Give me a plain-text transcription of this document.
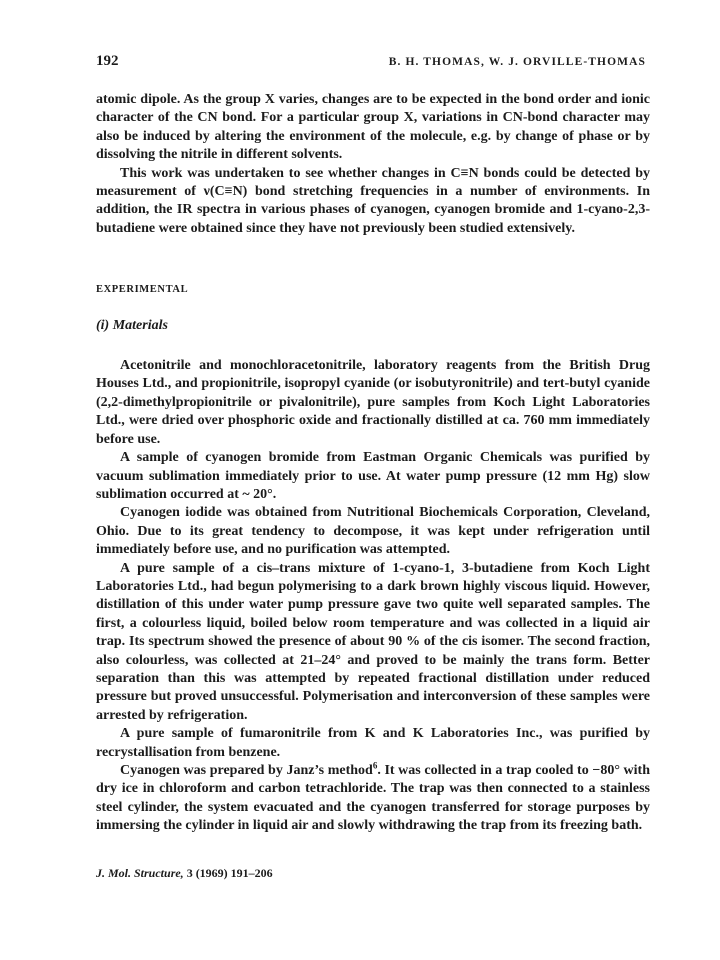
192	B. H. THOMAS, W. J. ORVILLE-THOMAS

atomic dipole. As the group X varies, changes are to be expected in the bond order and ionic character of the CN bond. For a particular group X, variations in CN-bond character may also be induced by altering the environment of the molecule, e.g. by change of phase or by dissolving the nitrile in different solvents.

This work was undertaken to see whether changes in C≡N bonds could be detected by measurement of ν(C≡N) bond stretching frequencies in a number of environments. In addition, the IR spectra in various phases of cyanogen, cyanogen bromide and 1-cyano-2,3-butadiene were obtained since they have not previously been studied extensively.

EXPERIMENTAL
(i) Materials

Acetonitrile and monochloracetonitrile, laboratory reagents from the British Drug Houses Ltd., and propionitrile, isopropyl cyanide (or isobutyronitrile) and tert-butyl cyanide (2,2-dimethylpropionitrile or pivalonitrile), pure samples from Koch Light Laboratories Ltd., were dried over phosphoric oxide and fractionally distilled at ca. 760 mm immediately before use.

A sample of cyanogen bromide from Eastman Organic Chemicals was purified by vacuum sublimation immediately prior to use. At water pump pressure (12 mm Hg) slow sublimation occurred at ~ 20°.

Cyanogen iodide was obtained from Nutritional Biochemicals Corporation, Cleveland, Ohio. Due to its great tendency to decompose, it was kept under refrigeration until immediately before use, and no purification was attempted.

A pure sample of a cis–trans mixture of 1-cyano-1, 3-butadiene from Koch Light Laboratories Ltd., had begun polymerising to a dark brown highly viscous liquid. However, distillation of this under water pump pressure gave two quite well separated samples. The first, a colourless liquid, boiled below room temperature and was collected in a liquid air trap. Its spectrum showed the presence of about 90 % of the cis isomer. The second fraction, also colourless, was collected at 21–24° and proved to be mainly the trans form. Better separation than this was attempted by repeated fractional distillation under reduced pressure but proved unsuccessful. Polymerisation and interconversion of these samples were arrested by refrigeration.

A pure sample of fumaronitrile from K and K Laboratories Inc., was purified by recrystallisation from benzene.

Cyanogen was prepared by Janz’s method$^6$. It was collected in a trap cooled to −80° with dry ice in chloroform and carbon tetrachloride. The trap was then connected to a stainless steel cylinder, the system evacuated and the cyanogen transferred for storage purposes by immersing the cylinder in liquid air and slowly withdrawing the trap from its freezing bath.

J. Mol. Structure, 3 (1969) 191–206
